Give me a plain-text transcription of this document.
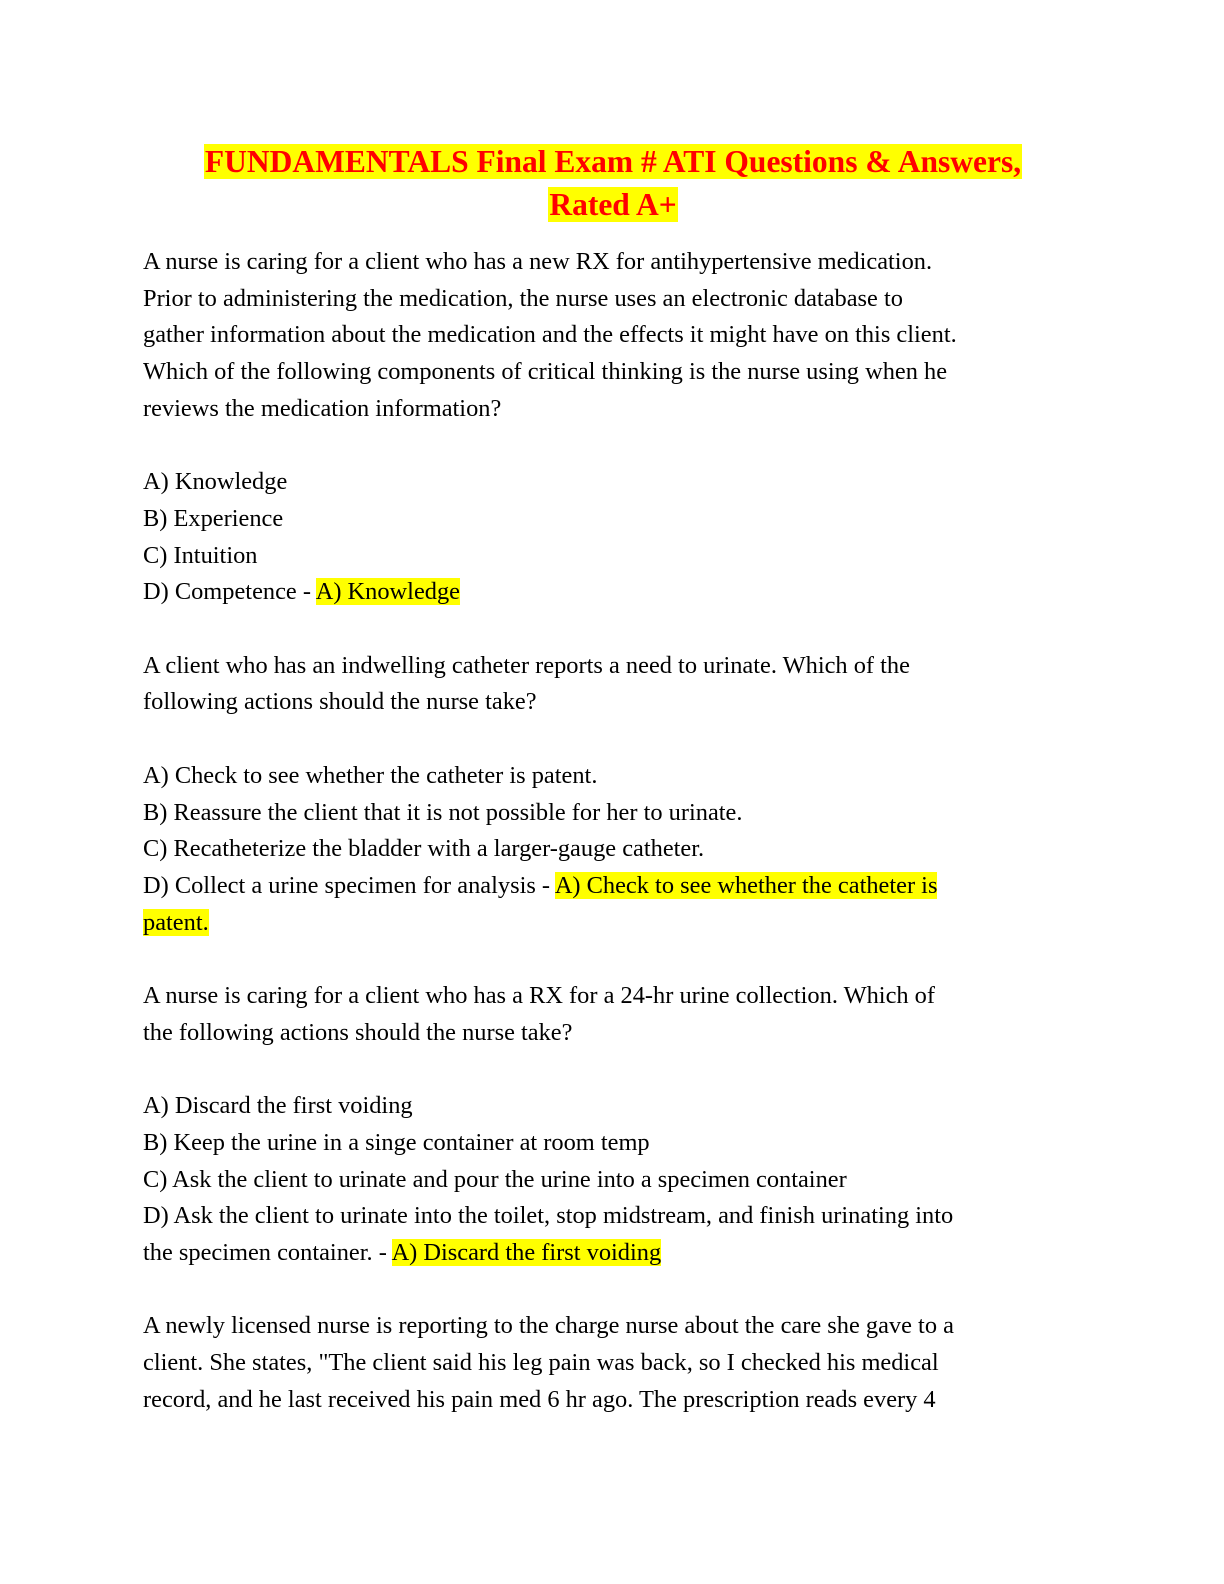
FUNDAMENTALS Final Exam # ATI Questions & Answers,
Rated A+
A nurse is caring for a client who has a new RX for antihypertensive medication.
Prior to administering the medication, the nurse uses an electronic database to
gather information about the medication and the effects it might have on this client.
Which of the following components of critical thinking is the nurse using when he
reviews the medication information?
A) Knowledge
B) Experience
C) Intuition
D) Competence - A) Knowledge
A client who has an indwelling catheter reports a need to urinate. Which of the
following actions should the nurse take?
A) Check to see whether the catheter is patent.
B) Reassure the client that it is not possible for her to urinate.
C) Recatheterize the bladder with a larger-gauge catheter.
D) Collect a urine specimen for analysis - A) Check to see whether the catheter is
patent.
A nurse is caring for a client who has a RX for a 24-hr urine collection. Which of
the following actions should the nurse take?
A) Discard the first voiding
B) Keep the urine in a singe container at room temp
C) Ask the client to urinate and pour the urine into a specimen container
D) Ask the client to urinate into the toilet, stop midstream, and finish urinating into
the specimen container. - A) Discard the first voiding
A newly licensed nurse is reporting to the charge nurse about the care she gave to a
client. She states, "The client said his leg pain was back, so I checked his medical
record, and he last received his pain med 6 hr ago. The prescription reads every 4
